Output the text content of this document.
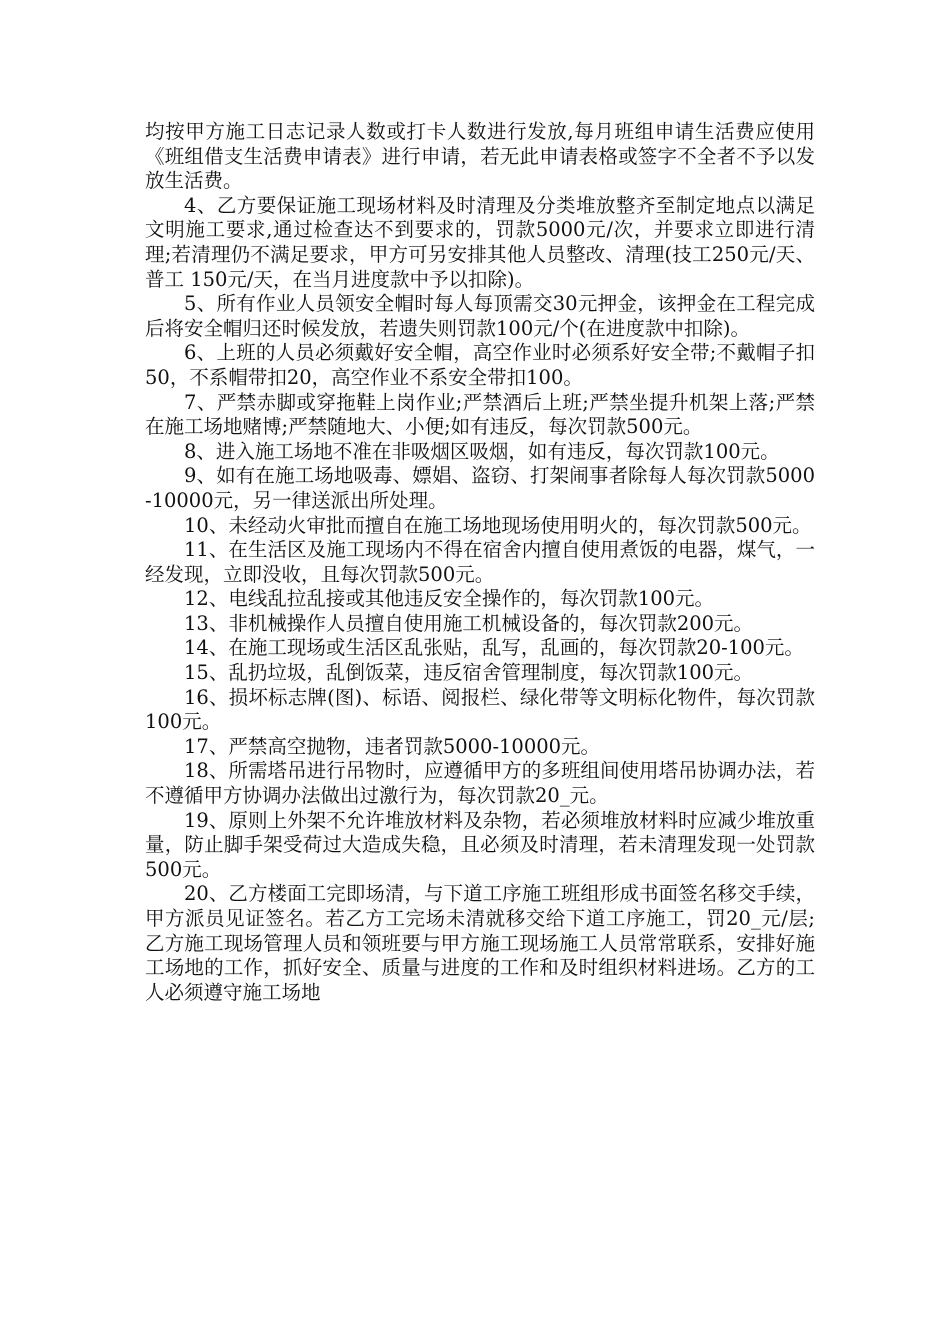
均按甲方施工日志记录人数或打卡人数进行发放,每月班组申请生活费应使用《班组借支生活费申请表》进行申请，若无此申请表格或签字不全者不予以发放生活费。

4、乙方要保证施工现场材料及时清理及分类堆放整齐至制定地点以满足文明施工要求,通过检查达不到要求的，罚款5000元/次，并要求立即进行清理;若清理仍不满足要求，甲方可另安排其他人员整改、清理(技工250元/天、普工 150元/天，在当月进度款中予以扣除)。

5、所有作业人员领安全帽时每人每顶需交30元押金，该押金在工程完成后将安全帽归还时候发放，若遗失则罚款100元/个(在进度款中扣除)。

6、上班的人员必须戴好安全帽，高空作业时必须系好安全带;不戴帽子扣50，不系帽带扣20，高空作业不系安全带扣100。

7、严禁赤脚或穿拖鞋上岗作业;严禁酒后上班;严禁坐提升机架上落;严禁在施工场地赌博;严禁随地大、小便;如有违反，每次罚款500元。

8、进入施工场地不准在非吸烟区吸烟，如有违反，每次罚款100元。

9、如有在施工场地吸毒、嫖娼、盗窃、打架闹事者除每人每次罚款5000-10000元，另一律送派出所处理。

10、未经动火审批而擅自在施工场地现场使用明火的，每次罚款500元。

11、在生活区及施工现场内不得在宿舍内擅自使用煮饭的电器，煤气，一经发现，立即没收，且每次罚款500元。

12、电线乱拉乱接或其他违反安全操作的，每次罚款100元。

13、非机械操作人员擅自使用施工机械设备的，每次罚款200元。

14、在施工现场或生活区乱张贴，乱写，乱画的，每次罚款20-100元。

15、乱扔垃圾，乱倒饭菜，违反宿舍管理制度，每次罚款100元。

16、损坏标志牌(图)、标语、阅报栏、绿化带等文明标化物件，每次罚款100元。

17、严禁高空抛物，违者罚款5000-10000元。

18、所需塔吊进行吊物时，应遵循甲方的多班组间使用塔吊协调办法，若不遵循甲方协调办法做出过激行为，每次罚款20_元。

19、原则上外架不允许堆放材料及杂物，若必须堆放材料时应减少堆放重量，防止脚手架受荷过大造成失稳，且必须及时清理，若未清理发现一处罚款500元。

20、乙方楼面工完即场清，与下道工序施工班组形成书面签名移交手续，甲方派员见证签名。若乙方工完场未清就移交给下道工序施工，罚20_元/层;乙方施工现场管理人员和领班要与甲方施工现场施工人员常常联系，安排好施工场地的工作，抓好安全、质量与进度的工作和及时组织材料进场。乙方的工人必须遵守施工场地
